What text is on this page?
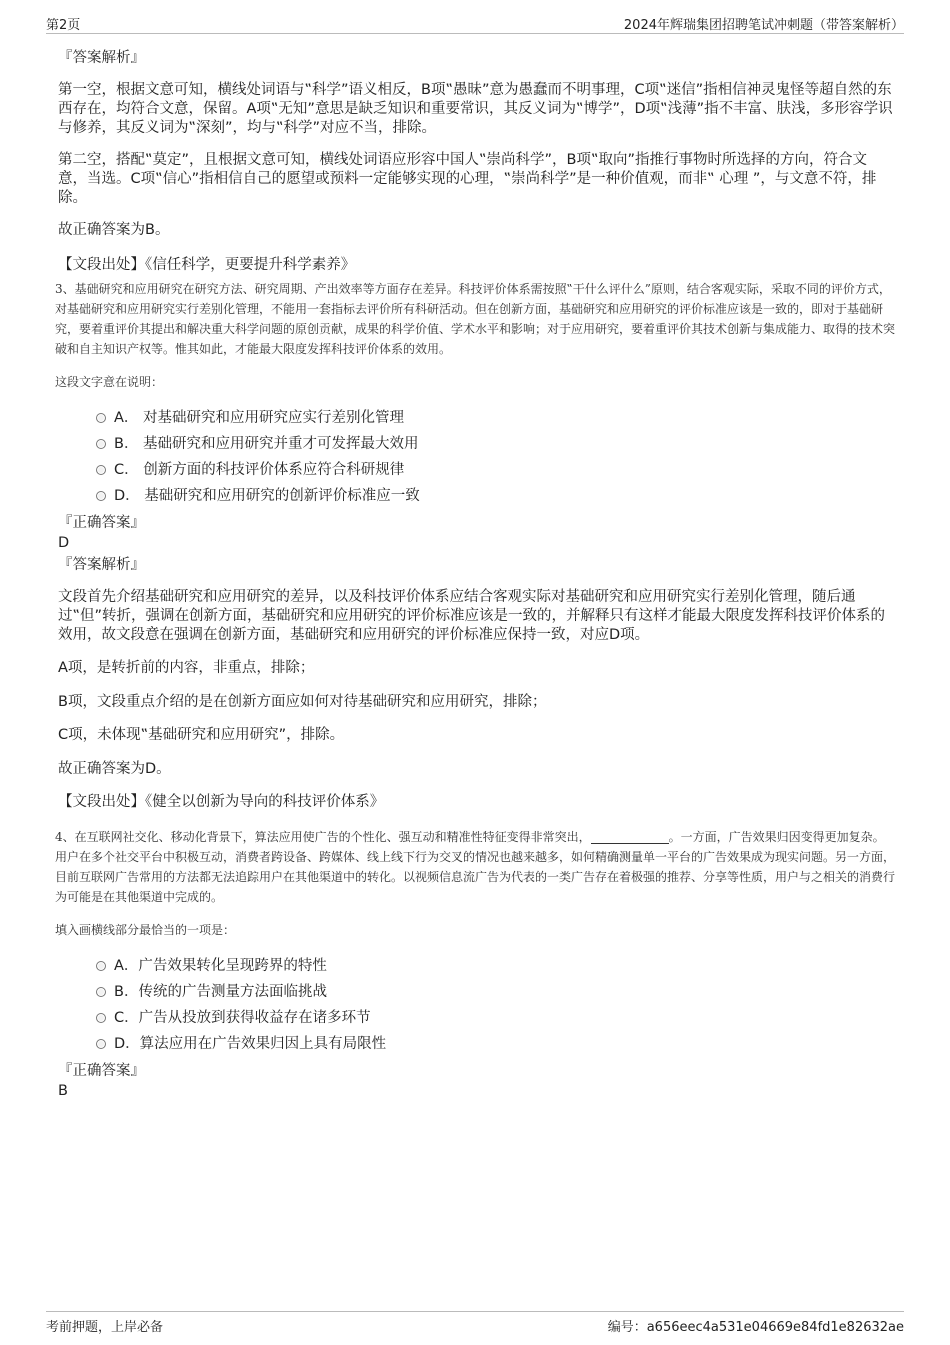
第2页	2024年辉瑞集团招聘笔试冲刺题（带答案解析）
『答案解析』
第一空，根据文意可知，横线处词语与‟科学”语义相反，B项‟愚昧”意为愚蠢而不明事理，C项‟迷信”指相信神灵鬼怪等超自然的东西存在，均符合文意，保留。A项‟无知”意思是缺乏知识和重要常识，其反义词为‟博学”，D项‟浅薄”指不丰富、肤浅，多形容学识与修养，其反义词为‟深刻”，均与‟科学”对应不当，排除。
第二空，搭配‟莫定”，且根据文意可知，横线处词语应形容中国人‟崇尚科学”，B项‟取向”指推行事物时所选择的方向，符合文意，当选。C项‟信心”指相信自己的愿望或预料一定能够实现的心理，‟崇尚科学”是一种价值观，而非‟ 心理 ”，与文意不符，排除。
故正确答案为B。
【文段出处】《信任科学，更要提升科学素养》
3、基础研究和应用研究在研究方法、研究周期、产出效率等方面存在差异。科技评价体系需按照‟干什么评什么”原则，结合客观实际，采取不同的评价方式，对基础研究和应用研究实行差别化管理，不能用一套指标去评价所有科研活动。但在创新方面，基础研究和应用研究的评价标准应该是一致的，即对于基础研究，要着重评价其提出和解决重大科学问题的原创贡献，成果的科学价值、学术水平和影响；对于应用研究，要着重评价其技术创新与集成能力、取得的技术突破和自主知识产权等。惟其如此，才能最大限度发挥科技评价体系的效用。
这段文字意在说明：
A． 对基础研究和应用研究应实行差别化管理
B． 基础研究和应用研究并重才可发挥最大效用
C． 创新方面的科技评价体系应符合科研规律
D． 基础研究和应用研究的创新评价标准应一致
『正确答案』
D
『答案解析』
文段首先介绍基础研究和应用研究的差异，以及科技评价体系应结合客观实际对基础研究和应用研究实行差别化管理，随后通过‟但”转折，强调在创新方面，基础研究和应用研究的评价标准应该是一致的，并解释只有这样才能最大限度发挥科技评价体系的效用，故文段意在强调在创新方面，基础研究和应用研究的评价标准应保持一致，对应D项。
A项，是转折前的内容，非重点，排除；
B项，文段重点介绍的是在创新方面应如何对待基础研究和应用研究，排除；
C项，未体现‟基础研究和应用研究”，排除。
故正确答案为D。
【文段出处】《健全以创新为导向的科技评价体系》
4、在互联网社交化、移动化背景下，算法应用使广告的个性化、强互动和精准性特征变得非常突出，	。一方面，广告效果归因变得更加复杂。用户在多个社交平台中积极互动，消费者跨设备、跨媒体、线上线下行为交叉的情况也越来越多，如何精确测量单一平台的广告效果成为现实问题。另一方面，目前互联网广告常用的方法都无法追踪用户在其他渠道中的转化。以视频信息流广告为代表的一类广告存在着极强的推荐、分享等性质，用户与之相关的消费行为可能是在其他渠道中完成的。
填入画横线部分最恰当的一项是：
A．广告效果转化呈现跨界的特性
B．传统的广告测量方法面临挑战
C．广告从投放到获得收益存在诸多环节
D．算法应用在广告效果归因上具有局限性
『正确答案』
B
考前押题，上岸必备	编号：a656eec4a531e04669e84fd1e82632ae
